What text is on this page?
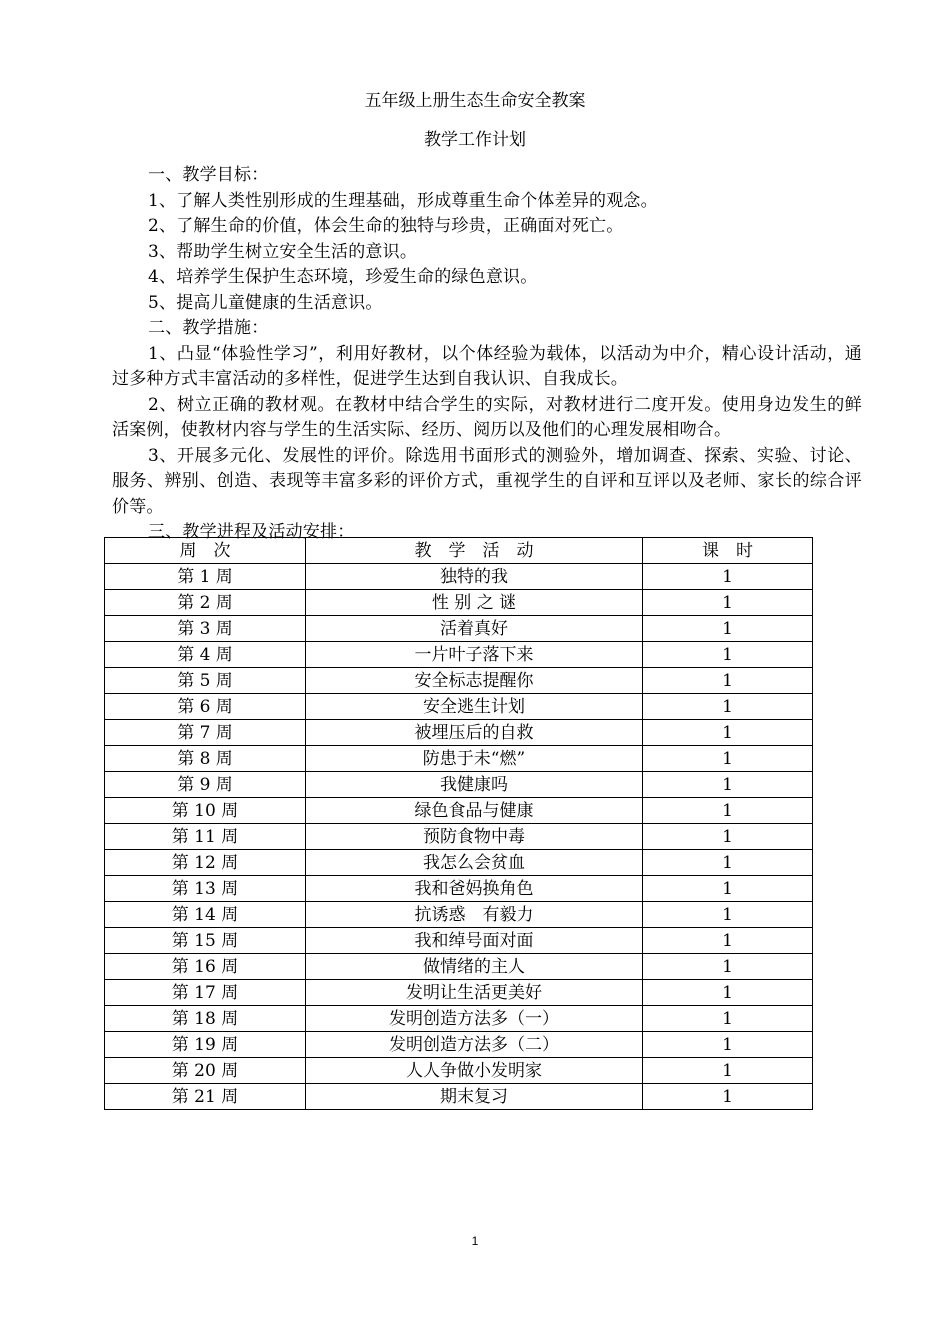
五年级上册生态生命安全教案
教学工作计划

一、教学目标：

1、了解人类性别形成的生理基础，形成尊重生命个体差异的观念。

2、了解生命的价值，体会生命的独特与珍贵，正确面对死亡。

3、帮助学生树立安全生活的意识。

4、培养学生保护生态环境，珍爱生命的绿色意识。

5、提高儿童健康的生活意识。

二、教学措施：

1、凸显“体验性学习”，利用好教材，以个体经验为载体，以活动为中介，精心设计活动，通过多种方式丰富活动的多样性，促进学生达到自我认识、自我成长。

2、树立正确的教材观。在教材中结合学生的实际，对教材进行二度开发。使用身边发生的鲜活案例，使教材内容与学生的生活实际、经历、阅历以及他们的心理发展相吻合。

3、开展多元化、发展性的评价。除选用书面形式的测验外，增加调查、探索、实验、讨论、服务、辨别、创造、表现等丰富多彩的评价方式，重视学生的自评和互评以及老师、家长的综合评价等。

三、教学进程及活动安排：

周　次	教　学　活　动	课　时
第 1 周	独特的我	1
第 2 周	性 别 之 谜	1
第 3 周	活着真好	1
第 4 周	一片叶子落下来	1
第 5 周	安全标志提醒你	1
第 6 周	安全逃生计划	1
第 7 周	被埋压后的自救	1
第 8 周	防患于未“燃”	1
第 9 周	我健康吗	1
第 10 周	绿色食品与健康	1
第 11 周	预防食物中毒	1
第 12 周	我怎么会贫血	1
第 13 周	我和爸妈换角色	1
第 14 周	抗诱惑　有毅力	1
第 15 周	我和绰号面对面	1
第 16 周	做情绪的主人	1
第 17 周	发明让生活更美好	1
第 18 周	发明创造方法多（一）	1
第 19 周	发明创造方法多（二）	1
第 20 周	人人争做小发明家	1
第 21 周	期末复习	1
1
